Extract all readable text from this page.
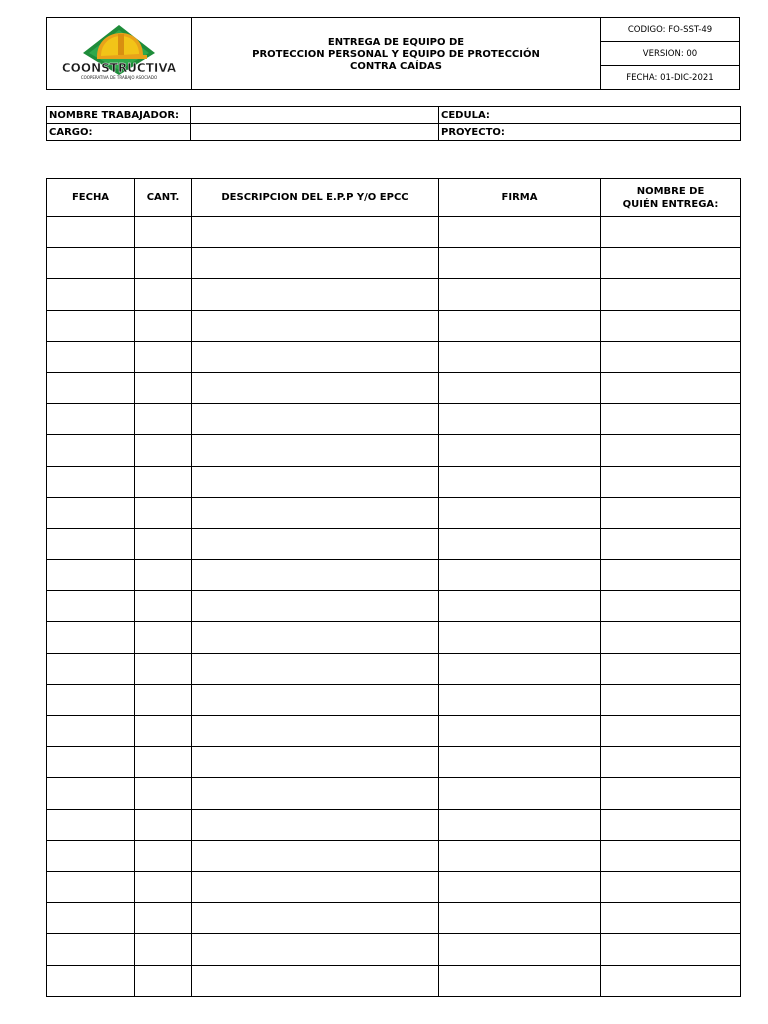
COONSTRUCTIVA
COOPERATIVA DE TRABAJO ASOCIADO

ENTREGA DE EQUIPO DE
PROTECCION PERSONAL Y EQUIPO DE PROTECCIÓN
CONTRA CAÍDAS
	CODIGO: FO-SST-49
VERSION: 00
FECHA: 01-DIC-2021
NOMBRE TRABAJADOR:		CEDULA:
CARGO:		PROYECTO:
FECHA	CANT.	DESCRIPCION DEL E.P.P Y/O EPCC	FIRMA	NOMBRE DE
QUIÉN ENTREGA:
